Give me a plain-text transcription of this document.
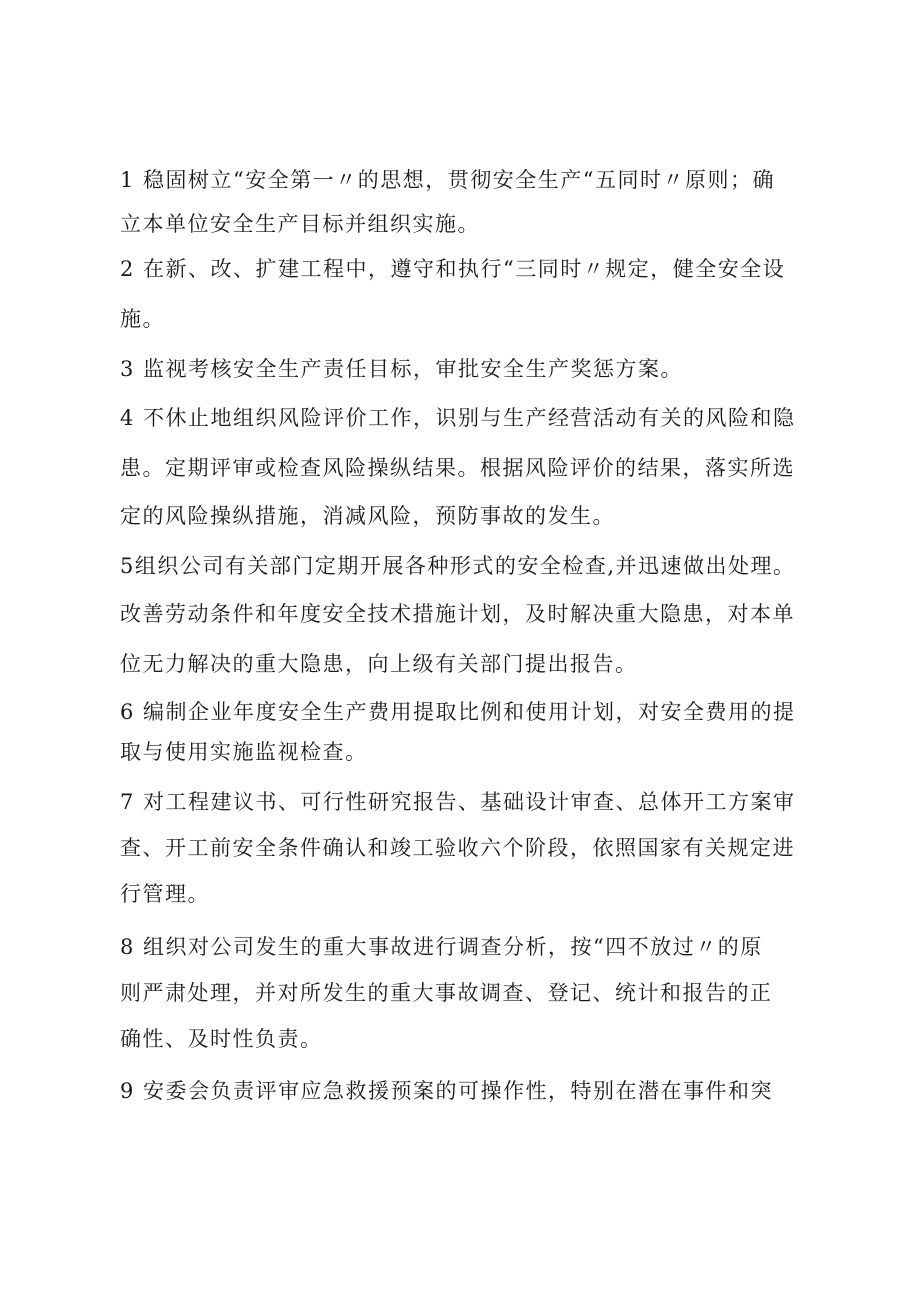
1 稳固树立“安全第一〃的思想，贯彻安全生产“五同时〃原则；确
立本单位安全生产目标并组织实施。
2 在新、改、扩建工程中，遵守和执行“三同时〃规定，健全安全设
施。
3 监视考核安全生产责任目标，审批安全生产奖惩方案。
4 不休止地组织风险评价工作，识别与生产经营活动有关的风险和隐
患。定期评审或检查风险操纵结果。根据风险评价的结果，落实所选
定的风险操纵措施，消减风险，预防事故的发生。
5组织公司有关部门定期开展各种形式的安全检查,并迅速做出处理。
改善劳动条件和年度安全技术措施计划，及时解决重大隐患，对本单
位无力解决的重大隐患，向上级有关部门提出报告。
6 编制企业年度安全生产费用提取比例和使用计划，对安全费用的提
取与使用实施监视检查。
7 对工程建议书、可行性研究报告、基础设计审查、总体开工方案审
查、开工前安全条件确认和竣工验收六个阶段，依照国家有关规定进
行管理。
8 组织对公司发生的重大事故进行调查分析，按“四不放过〃的原
则严肃处理，并对所发生的重大事故调查、登记、统计和报告的正
确性、及时性负责。
9 安委会负责评审应急救援预案的可操作性，特别在潜在事件和突
